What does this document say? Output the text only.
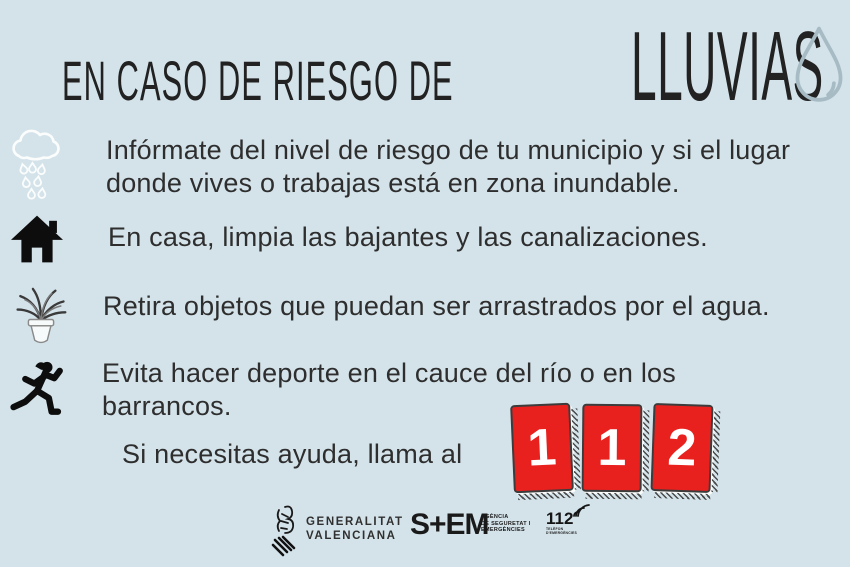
EN CASO DE RIESGO DE LLUVIAS
Infórmate del nivel de riesgo de tu municipio y si el lugar donde vives o trabajas está en zona inundable.
En casa, limpia las bajantes y las canalizaciones.
Retira objetos que puedan ser arrastrados por el agua.
Evita hacer deporte en el cauce del río o en los barrancos.
Si necesitas ayuda, llama al	1 1 2
GENERALITAT
VALENCIANA S+EM
AGÈNCIA
DE SEGURETAT I
EMERGÈNCIES
112
TELÈFON
D'EMERGÈNCIES
